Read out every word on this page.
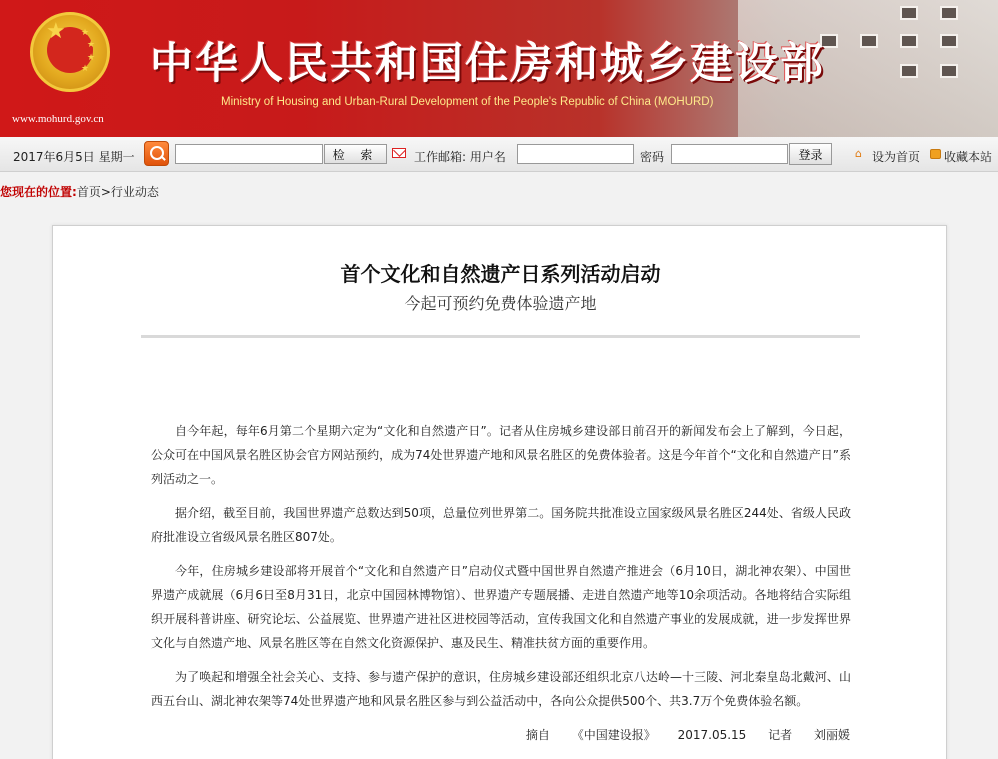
★ ★
★
★
★
www.mohurd.gov.cn
中华人民共和国住房和城乡建设部
Ministry of Housing and Urban-Rural Development of the People's Republic of China (MOHURD)
2017年6月5日 星期一	检 索	工作邮箱: 用户名	密码	登录	⌂ 设为首页 收藏本站
您现在的位置:首页>行业动态
首个文化和自然遗产日系列活动启动
今起可预约免费体验遗产地

自今年起，每年6月第二个星期六定为“文化和自然遗产日”。记者从住房城乡建设部日前召开的新闻发布会上了解到，今日起，公众可在中国风景名胜区协会官方网站预约，成为74处世界遗产地和风景名胜区的免费体验者。这是今年首个“文化和自然遗产日”系列活动之一。

据介绍，截至目前，我国世界遗产总数达到50项，总量位列世界第二。国务院共批准设立国家级风景名胜区244处、省级人民政府批准设立省级风景名胜区807处。

今年，住房城乡建设部将开展首个“文化和自然遗产日”启动仪式暨中国世界自然遗产推进会（6月10日，湖北神农架）、中国世界遗产成就展（6月6日至8月31日，北京中国园林博物馆）、世界遗产专题展播、走进自然遗产地等10余项活动。各地将结合实际组织开展科普讲座、研究论坛、公益展览、世界遗产进社区进校园等活动，宣传我国文化和自然遗产事业的发展成就，进一步发挥世界文化与自然遗产地、风景名胜区等在自然文化资源保护、惠及民生、精准扶贫方面的重要作用。

为了唤起和增强全社会关心、支持、参与遗产保护的意识，住房城乡建设部还组织北京八达岭—十三陵、河北秦皇岛北戴河、山西五台山、湖北神农架等74处世界遗产地和风景名胜区参与到公益活动中，各向公众提供500个、共3.7万个免费体验名额。

摘自 《中国建设报》 2017.05.15 记者 刘丽媛
